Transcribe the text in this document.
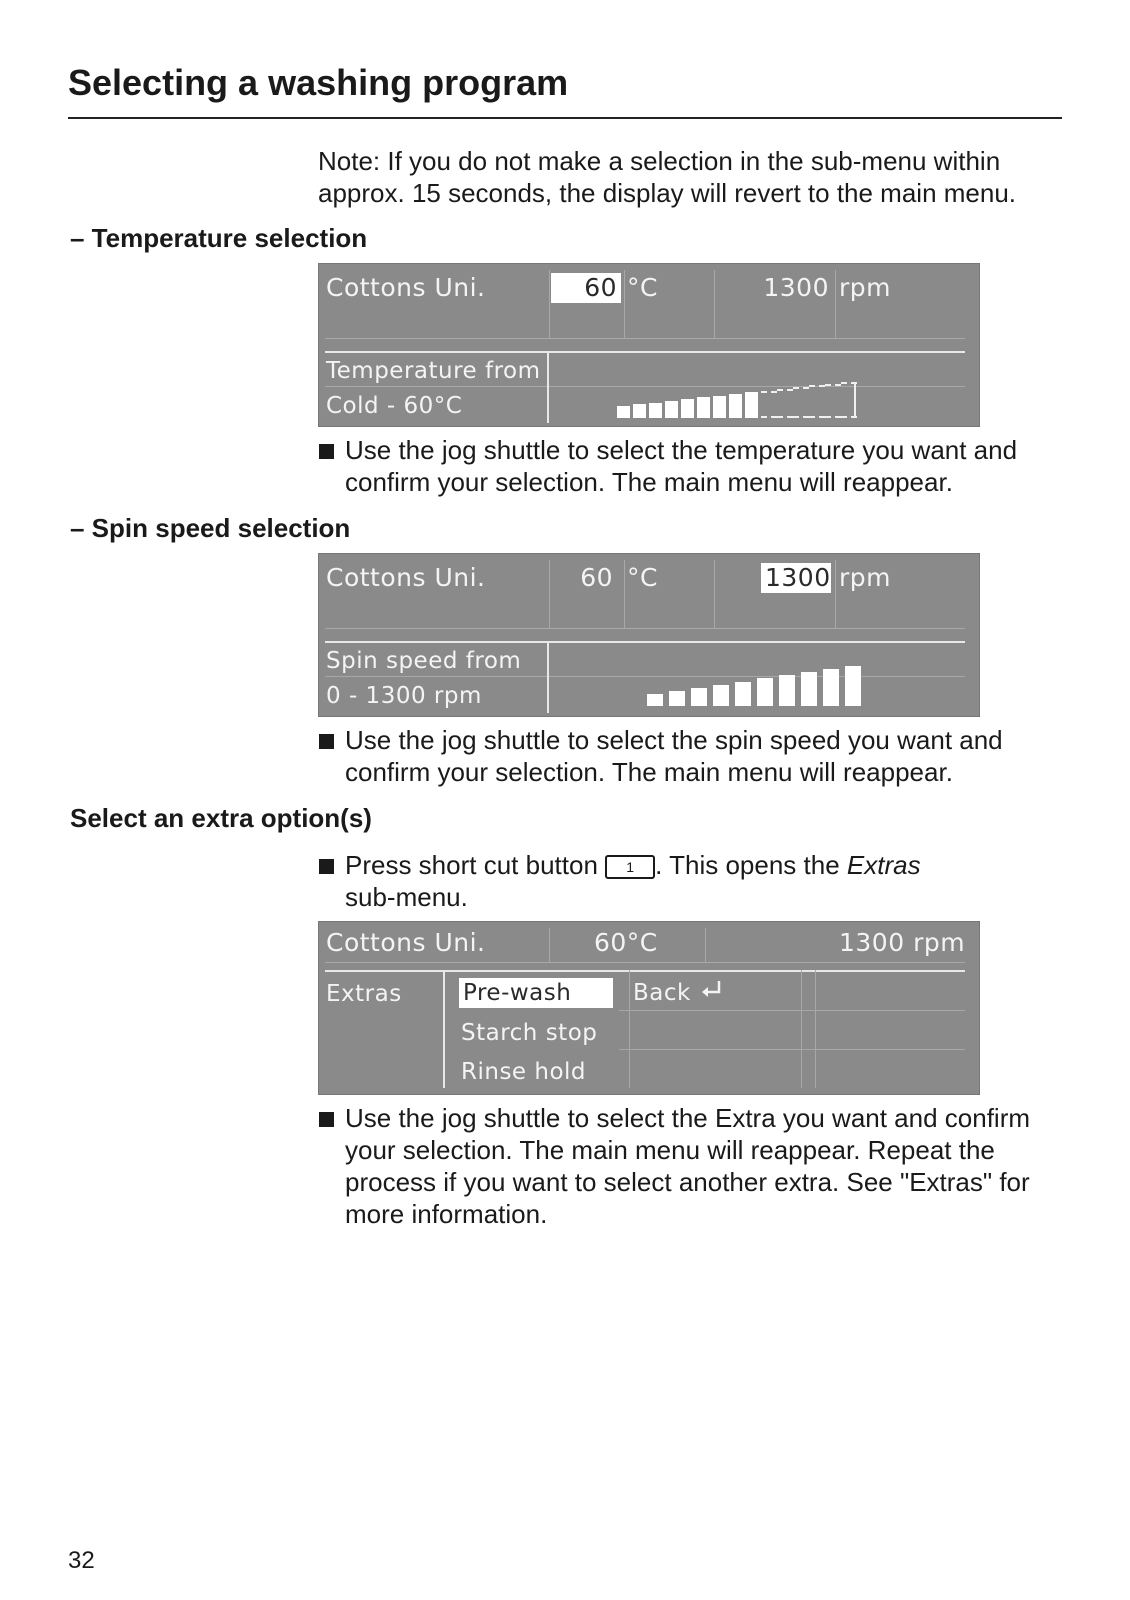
Selecting a washing program

Note: If you do not make a selection in the sub-menu within approx. 15 seconds, the display will revert to the main menu.

– Temperature selection
Cottons Uni.	60 °C	1300 rpm
Temperature from
Cold - 60°C
Use the jog shuttle to select the temperature you want and confirm your selection. The main menu will reappear.
– Spin speed selection
Cottons Uni.	60 °C	1300 rpm
Spin speed from
0 - 1300 rpm
Use the jog shuttle to select the spin speed you want and confirm your selection. The main menu will reappear.
Select an extra option(s)
Press short cut button 1 . This opens the Extras
sub-menu.
Cottons Uni.	60°C	1300 rpm
Extras	Pre-wash
Starch stop
Rinse hold
Back
Use the jog shuttle to select the Extra you want and confirm your selection. The main menu will reappear. Repeat the process if you want to select another extra. See "Extras" for more information.
32
